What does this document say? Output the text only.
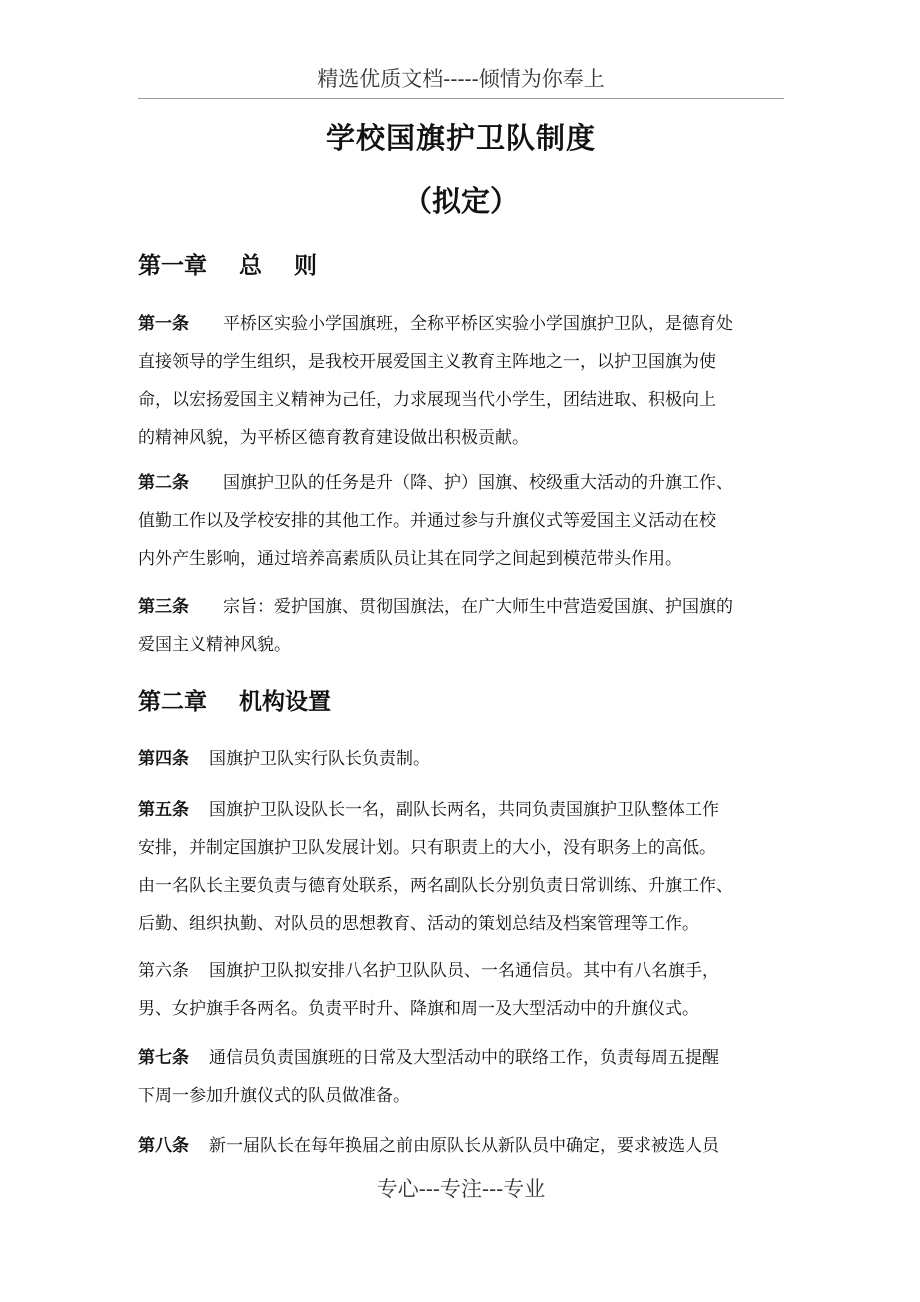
精选优质文档-----倾情为你奉上
学校国旗护卫队制度
（拟定）
第一章    总    则
第一条 平桥区实验小学国旗班，全称平桥区实验小学国旗护卫队，是德育处
直接领导的学生组织，是我校开展爱国主义教育主阵地之一，以护卫国旗为使
命，以宏扬爱国主义精神为己任，力求展现当代小学生，团结进取、积极向上
的精神风貌，为平桥区德育教育建设做出积极贡献。
第二条 国旗护卫队的任务是升（降、护）国旗、校级重大活动的升旗工作、
值勤工作以及学校安排的其他工作。并通过参与升旗仪式等爱国主义活动在校
内外产生影响，通过培养高素质队员让其在同学之间起到模范带头作用。
第三条 宗旨：爱护国旗、贯彻国旗法，在广大师生中营造爱国旗、护国旗的
爱国主义精神风貌。
第二章    机构设置
第四条 国旗护卫队实行队长负责制。
第五条 国旗护卫队设队长一名，副队长两名，共同负责国旗护卫队整体工作
安排，并制定国旗护卫队发展计划。只有职责上的大小，没有职务上的高低。
由一名队长主要负责与德育处联系，两名副队长分别负责日常训练、升旗工作、
后勤、组织执勤、对队员的思想教育、活动的策划总结及档案管理等工作。
第六条 国旗护卫队拟安排八名护卫队队员、一名通信员。其中有八名旗手，
男、女护旗手各两名。负责平时升、降旗和周一及大型活动中的升旗仪式。
第七条 通信员负责国旗班的日常及大型活动中的联络工作，负责每周五提醒
下周一参加升旗仪式的队员做准备。
第八条 新一届队长在每年换届之前由原队长从新队员中确定，要求被选人员
专心---专注---专业
